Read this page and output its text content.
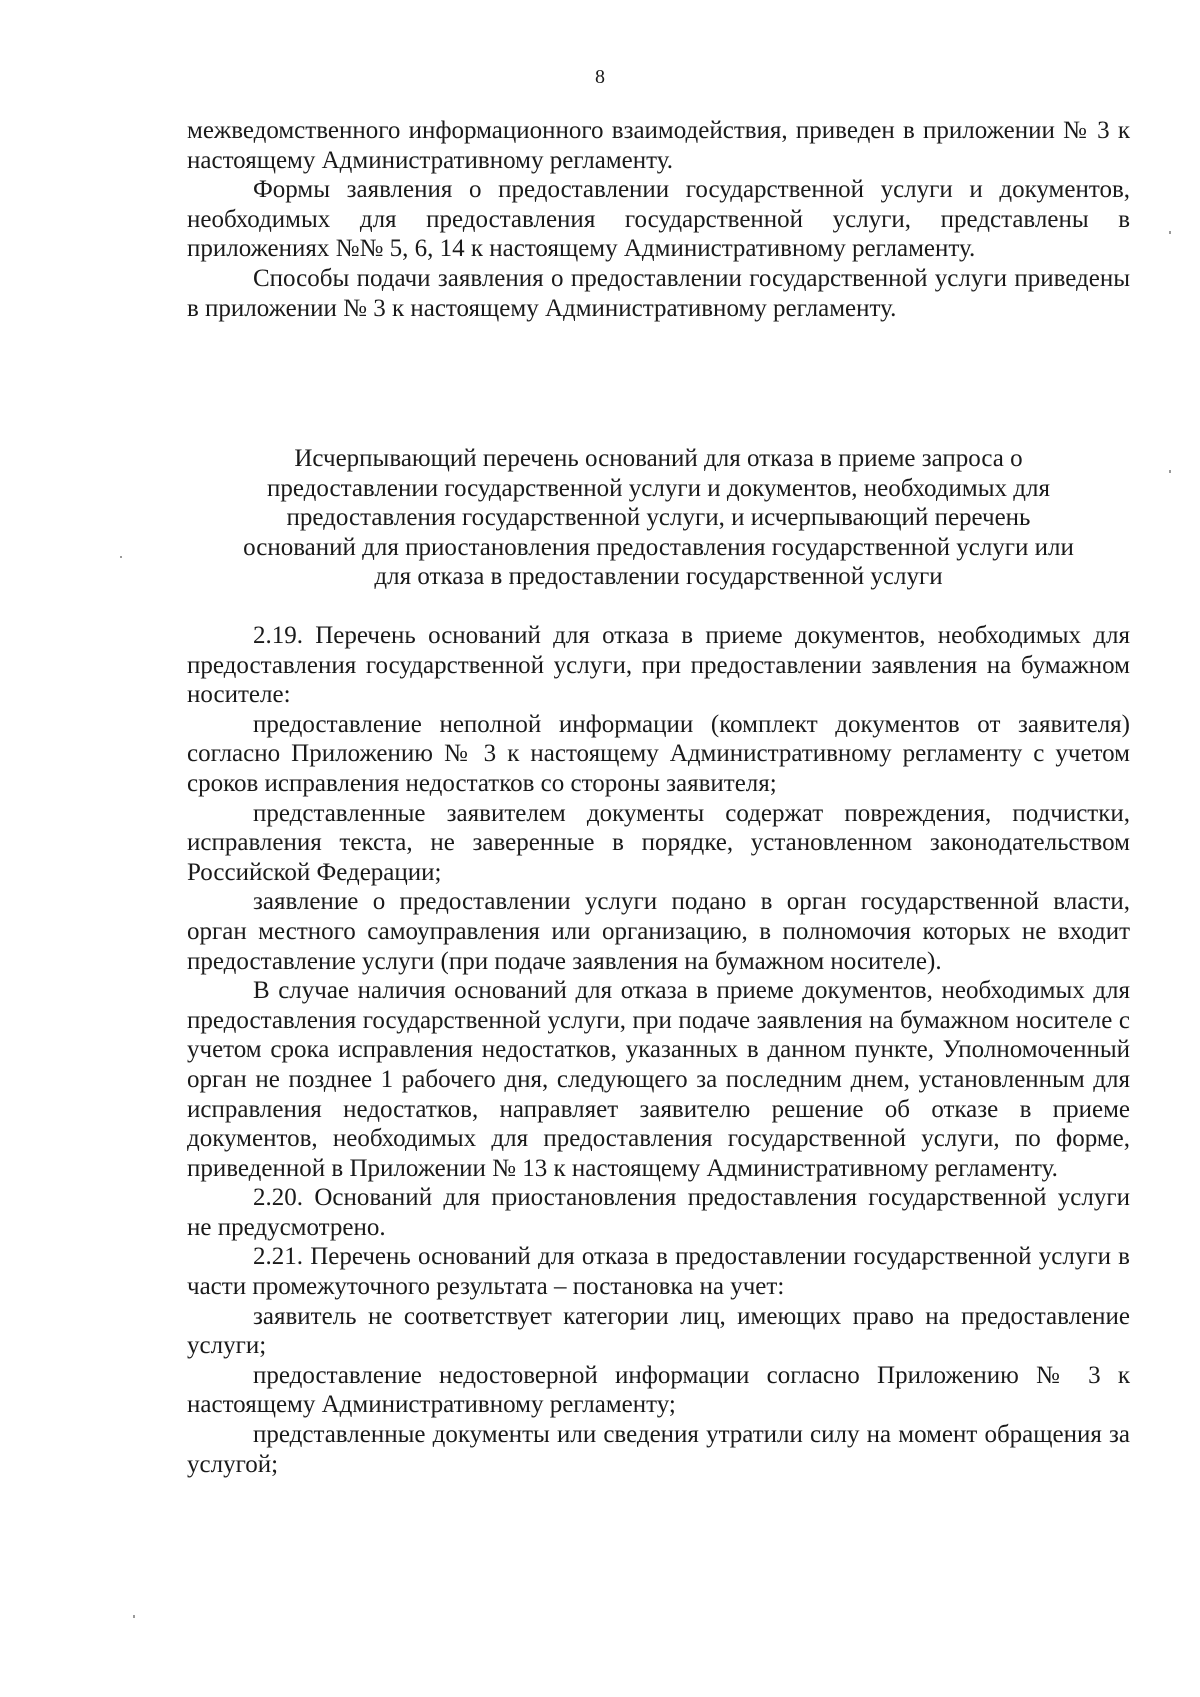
8

межведомственного информационного взаимодействия, приведен в приложении № 3 к настоящему Административному регламенту.

Формы заявления о предоставлении государственной услуги и документов, необходимых для предоставления государственной услуги, представлены в приложениях №№ 5, 6, 14 к настоящему Административному регламенту.

Способы подачи заявления о предоставлении государственной услуги приведены в приложении № 3 к настоящему Административному регламенту.

Исчерпывающий перечень оснований для отказа в приеме запроса о
предоставлении государственной услуги и документов, необходимых для
предоставления государственной услуги, и исчерпывающий перечень
оснований для приостановления предоставления государственной услуги или
для отказа в предоставлении государственной услуги

2.19. Перечень оснований для отказа в приеме документов, необходимых для предоставления государственной услуги, при предоставлении заявления на бумажном носителе:

предоставление неполной информации (комплект документов от заявителя) согласно Приложению № 3 к настоящему Административному регламенту с учетом сроков исправления недостатков со стороны заявителя;

представленные заявителем документы содержат повреждения, подчистки, исправления текста, не заверенные в порядке, установленном законодательством Российской Федерации;

заявление о предоставлении услуги подано в орган государственной власти, орган местного самоуправления или организацию, в полномочия которых не входит предоставление услуги (при подаче заявления на бумажном носителе).

В случае наличия оснований для отказа в приеме документов, необходимых для предоставления государственной услуги, при подаче заявления на бумажном носителе с учетом срока исправления недостатков, указанных в данном пункте, Уполномоченный орган не позднее 1 рабочего дня, следующего за последним днем, установленным для исправления недостатков, направляет заявителю решение об отказе в приеме документов, необходимых для предоставления государственной услуги, по форме, приведенной в Приложении № 13 к настоящему Административному регламенту.

2.20. Оснований для приостановления предоставления государственной услуги не предусмотрено.

2.21. Перечень оснований для отказа в предоставлении государственной услуги в части промежуточного результата – постановка на учет:

заявитель не соответствует категории лиц, имеющих право на предоставление услуги;

предоставление недостоверной информации согласно Приложению № 3 к настоящему Административному регламенту;

представленные документы или сведения утратили силу на момент обращения за услугой;
